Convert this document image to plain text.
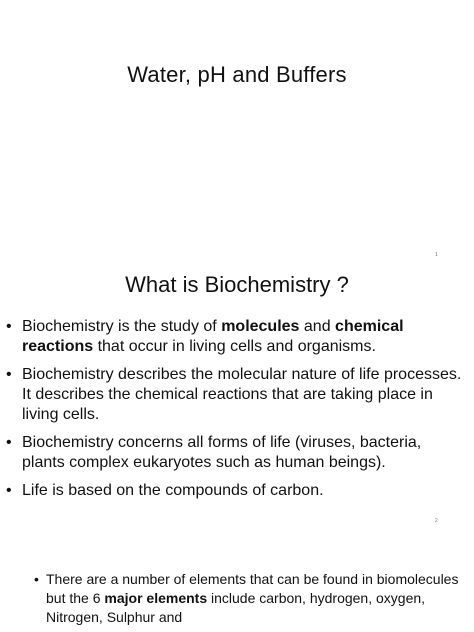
Water, pH and Buffers
1
What is Biochemistry ?
• Biochemistry is the study of molecules and chemical reactions that occur in living cells and organisms.
• Biochemistry describes the molecular nature of life processes. It describes the chemical reactions that are taking place in living cells.
• Biochemistry concerns all forms of life (viruses, bacteria, plants complex eukaryotes such as human beings).
• Life is based on the compounds of carbon.
2
• There are a number of elements that can be found in biomolecules but the 6 major elements include carbon, hydrogen, oxygen, Nitrogen, Sulphur and
